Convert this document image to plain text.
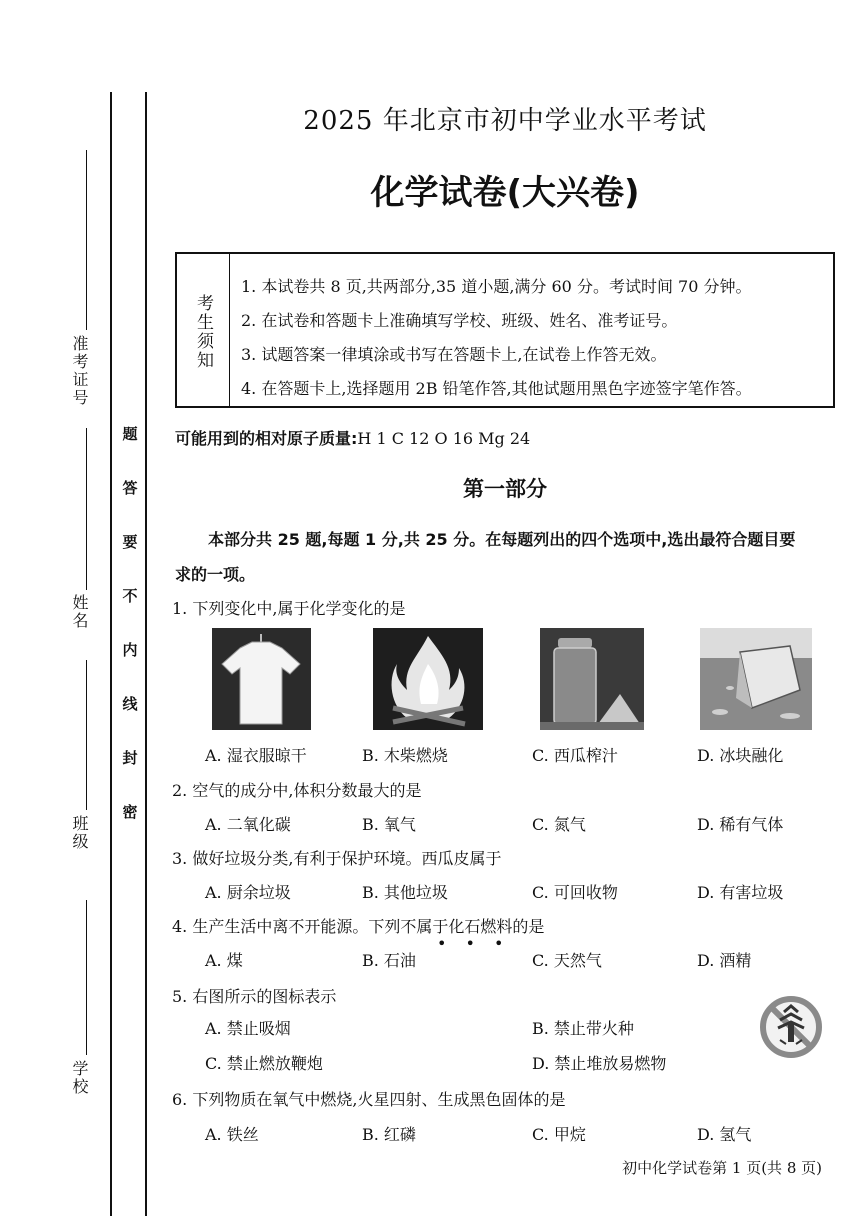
准考证号
姓名
班级
学校
题
答
要
不
内
线
封
密
2025 年北京市初中学业水平考试
化学试卷(大兴卷)
考生须知
1. 本试卷共 8 页,共两部分,35 道小题,满分 60 分。考试时间 70 分钟。
2. 在试卷和答题卡上准确填写学校、班级、姓名、准考证号。
3. 试题答案一律填涂或书写在答题卡上,在试卷上作答无效。
4. 在答题卡上,选择题用 2B 铅笔作答,其他试题用黑色字迹签字笔作答。
可能用到的相对原子质量:H 1 C 12 O 16 Mg 24
第一部分
本部分共 25 题,每题 1 分,共 25 分。在每题列出的四个选项中,选出最符合题目要
求的一项。
1. 下列变化中,属于化学变化的是
A. 湿衣服晾干	B. 木柴燃烧	C. 西瓜榨汁	D. 冰块融化
2. 空气的成分中,体积分数最大的是
A. 二氧化碳	B. 氧气	C. 氮气	D. 稀有气体
3. 做好垃圾分类,有利于保护环境。西瓜皮属于
A. 厨余垃圾	B. 其他垃圾	C. 可回收物	D. 有害垃圾
4. 生产生活中离不开能源。下列不属于化石燃料的是
• • •
A. 煤	B. 石油	C. 天然气	D. 酒精
5. 右图所示的图标表示
A. 禁止吸烟	B. 禁止带火种
C. 禁止燃放鞭炮	D. 禁止堆放易燃物
6. 下列物质在氧气中燃烧,火星四射、生成黑色固体的是
A. 铁丝	B. 红磷	C. 甲烷	D. 氢气
初中化学试卷第 1 页(共 8 页)
